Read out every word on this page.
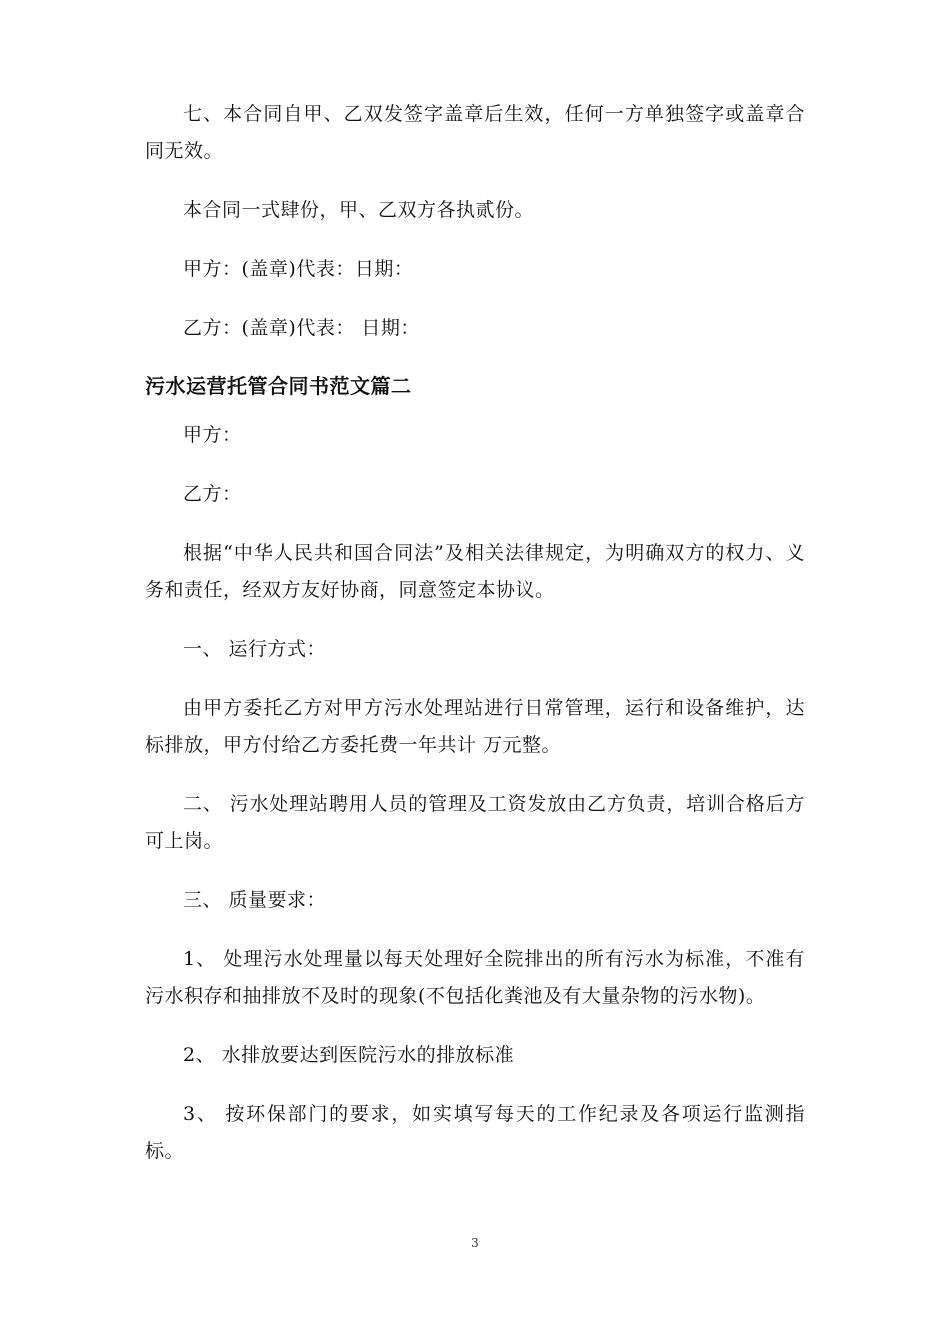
七、本合同自甲、乙双发签字盖章后生效，任何一方单独签字或盖章合同无效。

本合同一式肆份，甲、乙双方各执贰份。

甲方：(盖章)代表：日期：

乙方：(盖章)代表： 日期：

污水运营托管合同书范文篇二

甲方：

乙方：

根据“中华人民共和国合同法”及相关法律规定，为明确双方的权力、义务和责任，经双方友好协商，同意签定本协议。

一、 运行方式：

由甲方委托乙方对甲方污水处理站进行日常管理，运行和设备维护，达标排放，甲方付给乙方委托费一年共计 万元整。

二、 污水处理站聘用人员的管理及工资发放由乙方负责，培训合格后方可上岗。

三、 质量要求：

1、 处理污水处理量以每天处理好全院排出的所有污水为标准，不准有污水积存和抽排放不及时的现象(不包括化粪池及有大量杂物的污水物)。

2、 水排放要达到医院污水的排放标准

3、 按环保部门的要求，如实填写每天的工作纪录及各项运行监测指标。

3
